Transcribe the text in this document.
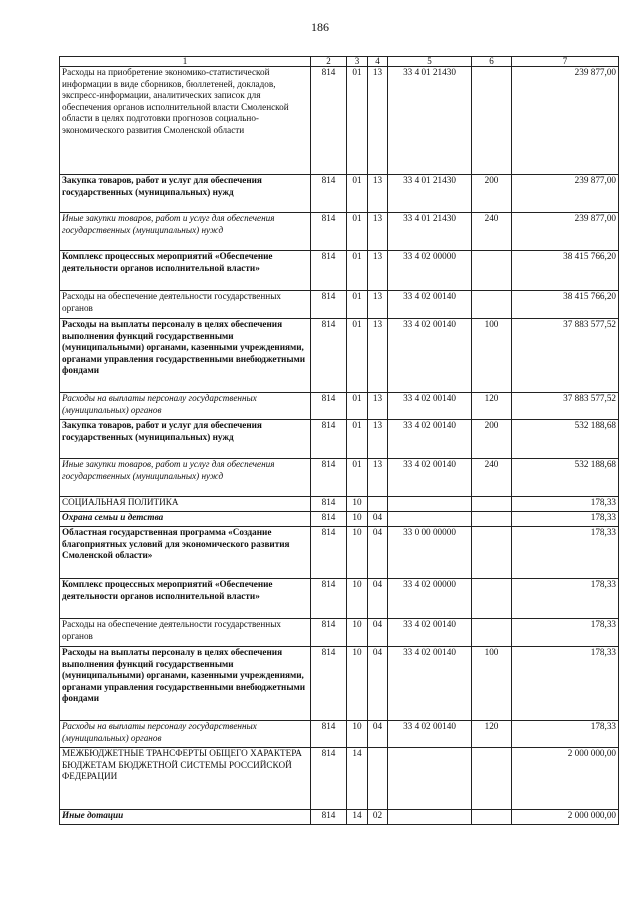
186
1	2	3	4	5	6	7
Расходы на приобретение экономико-статистической информации в виде сборников, бюллетеней, докладов, экспресс-информации, аналитических записок для обеспечения органов исполнительной власти Смоленской области в целях подготовки прогнозов социально-экономического развития Смоленской области	814	01	13	33 4 01 21430		239 877,00
Закупка товаров, работ и услуг для обеспечения государственных (муниципальных) нужд	814	01	13	33 4 01 21430	200	239 877,00
Иные закупки товаров, работ и услуг для обеспечения государственных (муниципальных) нужд	814	01	13	33 4 01 21430	240	239 877,00
Комплекс процессных мероприятий «Обеспечение деятельности органов исполнительной власти»	814	01	13	33 4 02 00000		38 415 766,20
Расходы на обеспечение деятельности государственных органов	814	01	13	33 4 02 00140		38 415 766,20
Расходы на выплаты персоналу в целях обеспечения выполнения функций государственными (муниципальными) органами, казенными учреждениями, органами управления государственными внебюджетными фондами	814	01	13	33 4 02 00140	100	37 883 577,52
Расходы на выплаты персоналу государственных (муниципальных) органов	814	01	13	33 4 02 00140	120	37 883 577,52
Закупка товаров, работ и услуг для обеспечения государственных (муниципальных) нужд	814	01	13	33 4 02 00140	200	532 188,68
Иные закупки товаров, работ и услуг для обеспечения государственных (муниципальных) нужд	814	01	13	33 4 02 00140	240	532 188,68
СОЦИАЛЬНАЯ ПОЛИТИКА	814	10				178,33
Охрана семьи и детства	814	10	04			178,33
Областная государственная программа «Создание благоприятных условий для экономического развития Смоленской области»	814	10	04	33 0 00 00000		178,33
Комплекс процессных мероприятий «Обеспечение деятельности органов исполнительной власти»	814	10	04	33 4 02 00000		178,33
Расходы на обеспечение деятельности государственных органов	814	10	04	33 4 02 00140		178,33
Расходы на выплаты персоналу в целях обеспечения выполнения функций государственными (муниципальными) органами, казенными учреждениями, органами управления государственными внебюджетными фондами	814	10	04	33 4 02 00140	100	178,33
Расходы на выплаты персоналу государственных (муниципальных) органов	814	10	04	33 4 02 00140	120	178,33
МЕЖБЮДЖЕТНЫЕ ТРАНСФЕРТЫ ОБЩЕГО ХАРАКТЕРА БЮДЖЕТАМ БЮДЖЕТНОЙ СИСТЕМЫ РОССИЙСКОЙ ФЕДЕРАЦИИ	814	14				2 000 000,00
Иные дотации	814	14	02			2 000 000,00
